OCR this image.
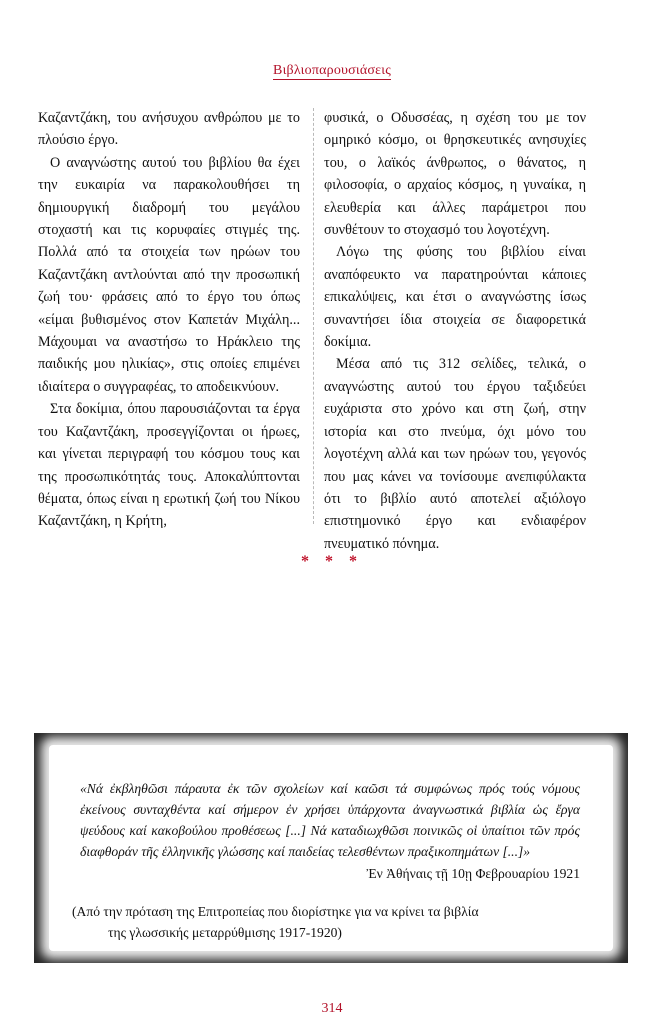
Βιβλιοπαρουσιάσεις

Καζαντζάκη, του ανήσυχου ανθρώπου με το πλούσιο έργο.

Ο αναγνώστης αυτού του βιβλίου θα έχει την ευκαιρία να παρακολουθήσει τη δημιουργική διαδρομή του μεγάλου στοχαστή και τις κορυφαίες στιγμές της. Πολλά από τα στοιχεία των ηρώων του Καζαντζάκη αντλούνται από την προσωπική ζωή του· φράσεις από το έργο του όπως «είμαι βυθισμένος στον Καπετάν Μιχάλη... Μάχουμαι να αναστήσω το Ηράκλειο της παιδικής μου ηλικίας», στις οποίες επιμένει ιδιαίτερα ο συγγραφέας, το αποδεικνύουν.

Στα δοκίμια, όπου παρουσιάζονται τα έργα του Καζαντζάκη, προσεγγίζονται οι ήρωες, και γίνεται περιγραφή του κόσμου τους και της προσωπικότητάς τους. Αποκαλύπτονται θέματα, όπως είναι η ερωτική ζωή του Νίκου Καζαντζάκη, η Κρήτη,

φυσικά, ο Οδυσσέας, η σχέση του με τον ομηρικό κόσμο, οι θρησκευτικές ανησυχίες του, ο λαϊκός άνθρωπος, ο θάνατος, η φιλοσοφία, ο αρχαίος κόσμος, η γυναίκα, η ελευθερία και άλλες παράμετροι που συνθέτουν το στοχασμό του λογοτέχνη.

Λόγω της φύσης του βιβλίου είναι αναπόφευκτο να παρατηρούνται κάποιες επικαλύψεις, και έτσι ο αναγνώστης ίσως συναντήσει ίδια στοιχεία σε διαφορετικά δοκίμια.

Μέσα από τις 312 σελίδες, τελικά, ο αναγνώστης αυτού του έργου ταξιδεύει ευχάριστα στο χρόνο και στη ζωή, στην ιστορία και στο πνεύμα, όχι μόνο του λογοτέχνη αλλά και των ηρώων του, γεγονός που μας κάνει να τονίσουμε ανεπιφύλακτα ότι το βιβλίο αυτό αποτελεί αξιόλογο επιστημονικό έργο και ενδιαφέρον πνευματικό πόνημα.

* * *
«Νά ἐκβληθῶσι πάραυτα ἐκ τῶν σχολείων καί καῶσι τά συμφώνως πρός τούς νόμους ἐκείνους συνταχθέντα καί σήμερον ἐν χρήσει ὑπάρχοντα ἀναγνωστικά βιβλία ὡς ἔργα ψεύδους καί κακοβούλου προθέσεως [...] Νά καταδιωχθῶσι ποινικῶς οἱ ὑπαίτιοι τῶν πρός διαφθοράν τῆς ἑλληνικῆς γλώσσης καί παιδείας τελεσθέντων πραξικοπημάτων [...]»
Ἐν Ἀθήναις τῇ 10ῃ Φεβρουαρίου 1921
(Από την πρόταση της Επιτροπείας που διορίστηκε για να κρίνει τα βιβλία
της γλωσσικής μεταρρύθμισης 1917-1920)
314
